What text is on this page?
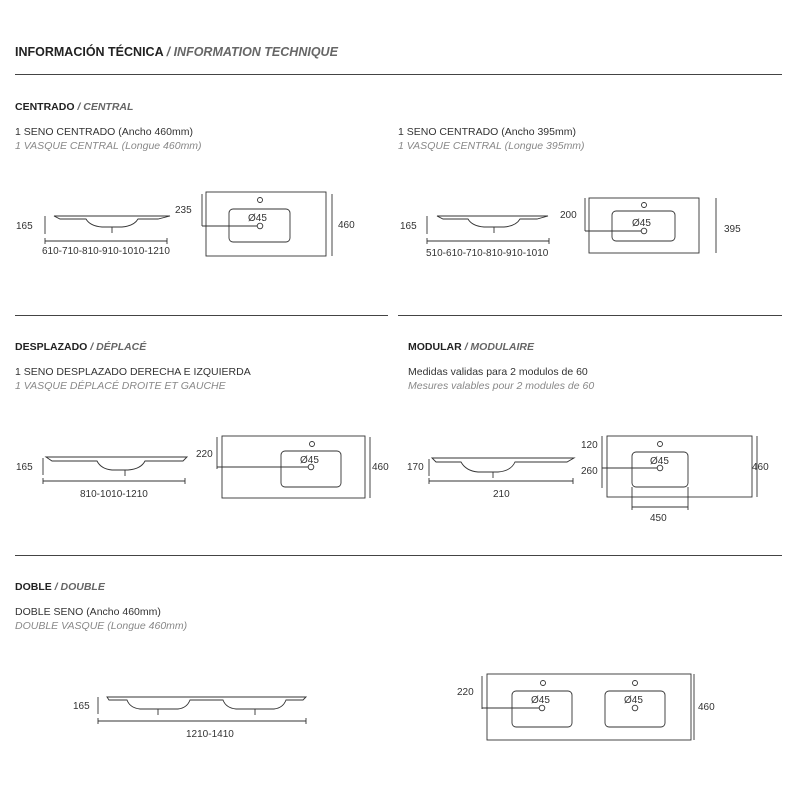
INFORMACIÓN TÉCNICA / INFORMATION TECHNIQUE
CENTRADO / CENTRAL
1 SENO CENTRADO (Ancho 460mm)
1 VASQUE CENTRAL (Longue 460mm)
1 SENO CENTRADO (Ancho 395mm)
1 VASQUE CENTRAL (Longue 395mm)
DESPLAZADO / DÉPLACÉ
1 SENO DESPLAZADO DERECHA E IZQUIERDA
1 VASQUE DÉPLACÉ DROITE ET GAUCHE
MODULAR / MODULAIRE
Medidas validas para 2 modulos de 60
Mesures valables pour 2 modules de 60
DOBLE / DOUBLE
DOBLE SENO (Ancho 460mm)
DOUBLE VASQUE (Longue 460mm)
165
610-710-810-910-1010-1210
235
Ø45
460	165
510-610-710-810-910-1010
200
Ø45
395
165
810-1010-1210
220
Ø45
460 170
210
120
260
Ø45
450
460
165
1210-1410
220
Ø45	Ø45
460
